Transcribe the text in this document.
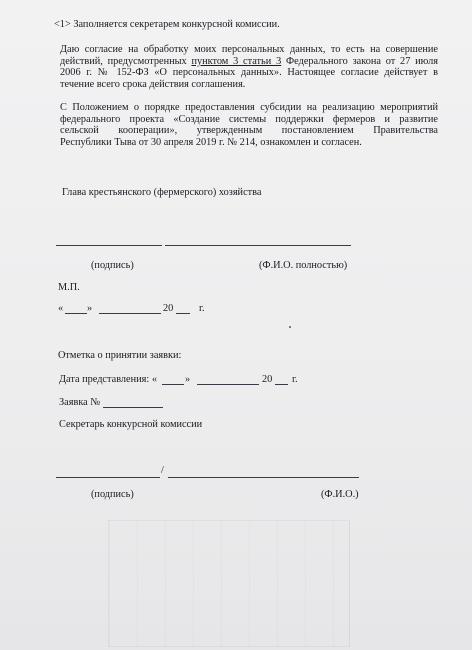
<1> Заполняется секретарем конкурсной комиссии.
Даю согласие на обработку моих персональных данных, то есть на совершение
действий, предусмотренных пунктом 3 статьи 3 Федерального закона от 27 июля
2006 г. № 152-ФЗ «О персональных данных». Настоящее согласие действует в
течение всего срока действия соглашения.
С Положением о порядке предоставления субсидии на реализацию мероприятий
федерального проекта «Создание системы поддержки фермеров и развитие
сельской кооперации», утвержденным постановлением Правительства
Республики Тыва от 30 апреля 2019 г. № 214, ознакомлен и согласен.
Глава крестьянского (фермерского) хозяйства
(подпись)	(Ф.И.О. полностью)
М.П.
« »	20 г.
Отметка о принятии заявки:
Дата представления: «	»	20 г.
Заявка №
Секретарь конкурсной комиссии
/
(подпись)	(Ф.И.О.)
